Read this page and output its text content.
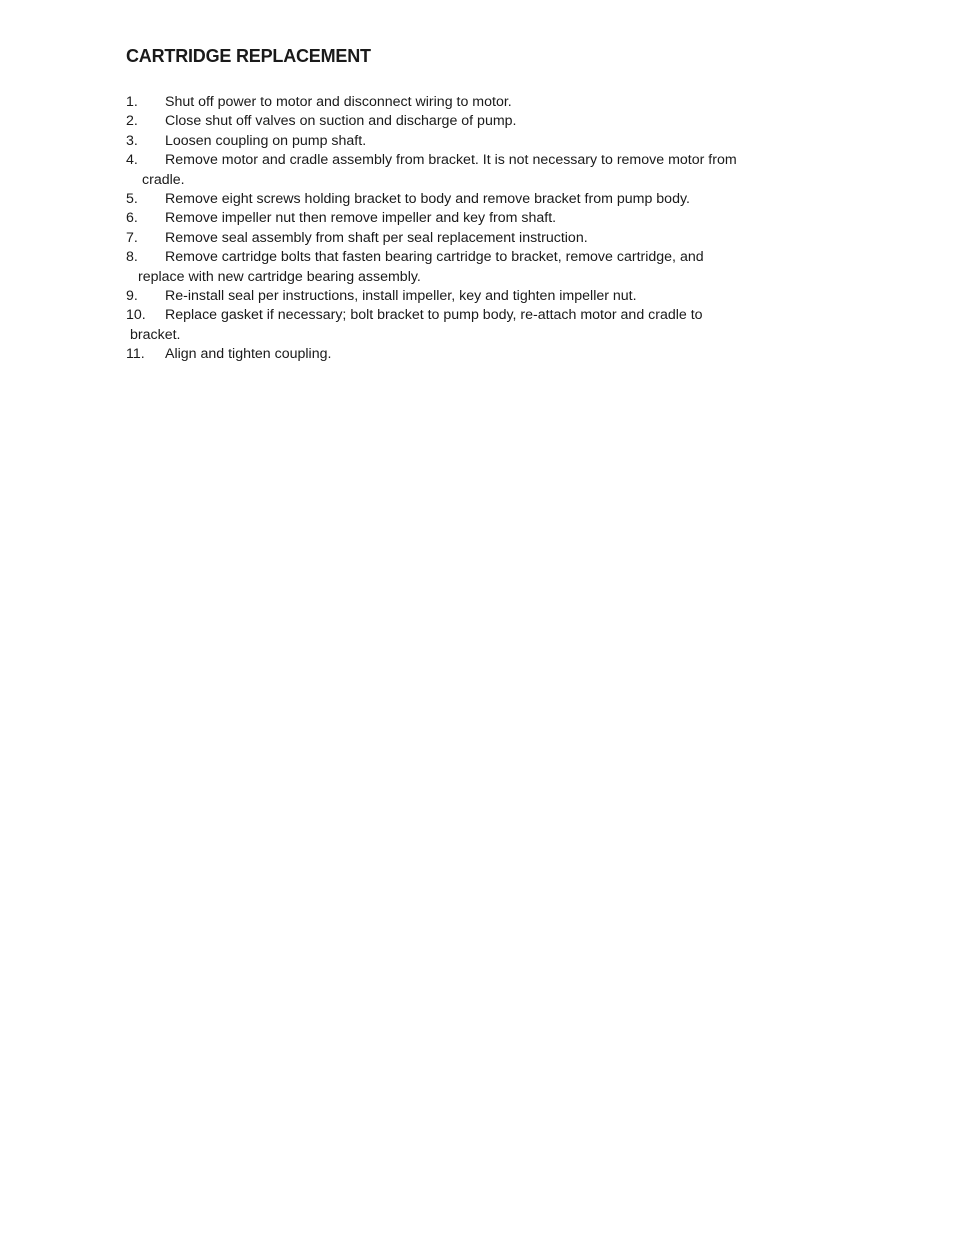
CARTRIDGE REPLACEMENT
1.	Shut off power to motor and disconnect wiring to motor.
2.	Close shut off valves on suction and discharge of pump.
3.	Loosen coupling on pump shaft.
4.	Remove motor and cradle assembly from bracket. It is not necessary to remove motor from
cradle.
5.	Remove eight screws holding bracket to body and remove bracket from pump body.
6.	Remove impeller nut then remove impeller and key from shaft.
7.	Remove seal assembly from shaft per seal replacement instruction.
8.	Remove cartridge bolts that fasten bearing cartridge to bracket, remove cartridge, and
replace with new cartridge bearing assembly.
9.	Re-install seal per instructions, install impeller, key and tighten impeller nut.
10.	Replace gasket if necessary; bolt bracket to pump body, re-attach motor and cradle to
bracket.
11.	Align and tighten coupling.
